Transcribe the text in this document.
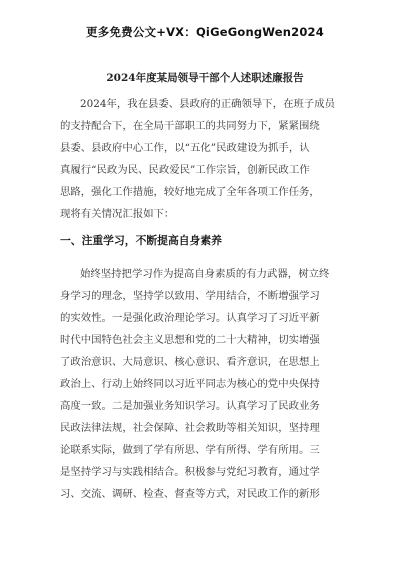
更多免费公文+VX：QiGeGongWen2024
2024年度某局领导干部个人述职述廉报告
2024年，我在县委、县政府的正确领导下，在班子成员
的支持配合下，在全局干部职工的共同努力下，紧紧围绕
县委、县政府中心工作，以“五化”民政建设为抓手，认
真履行“民政为民、民政爱民”工作宗旨，创新民政工作
思路，强化工作措施，较好地完成了全年各项工作任务，
现将有关情况汇报如下：
一、注重学习，不断提高自身素养
始终坚持把学习作为提高自身素质的有力武器，树立终
身学习的理念，坚持学以致用、学用结合，不断增强学习
的实效性。一是强化政治理论学习。认真学习了习近平新
时代中国特色社会主义思想和党的二十大精神，切实增强
了政治意识、大局意识、核心意识、看齐意识，在思想上
政治上、行动上始终同以习近平同志为核心的党中央保持
高度一致。二是加强业务知识学习。认真学习了民政业务
民政法律法规，社会保障、社会救助等相关知识，坚持理
论联系实际，做到了学有所思、学有所得、学有所用。三
是坚持学习与实践相结合。积极参与党纪习教育，通过学
习、交流、调研、检查、督查等方式，对民政工作的新形
